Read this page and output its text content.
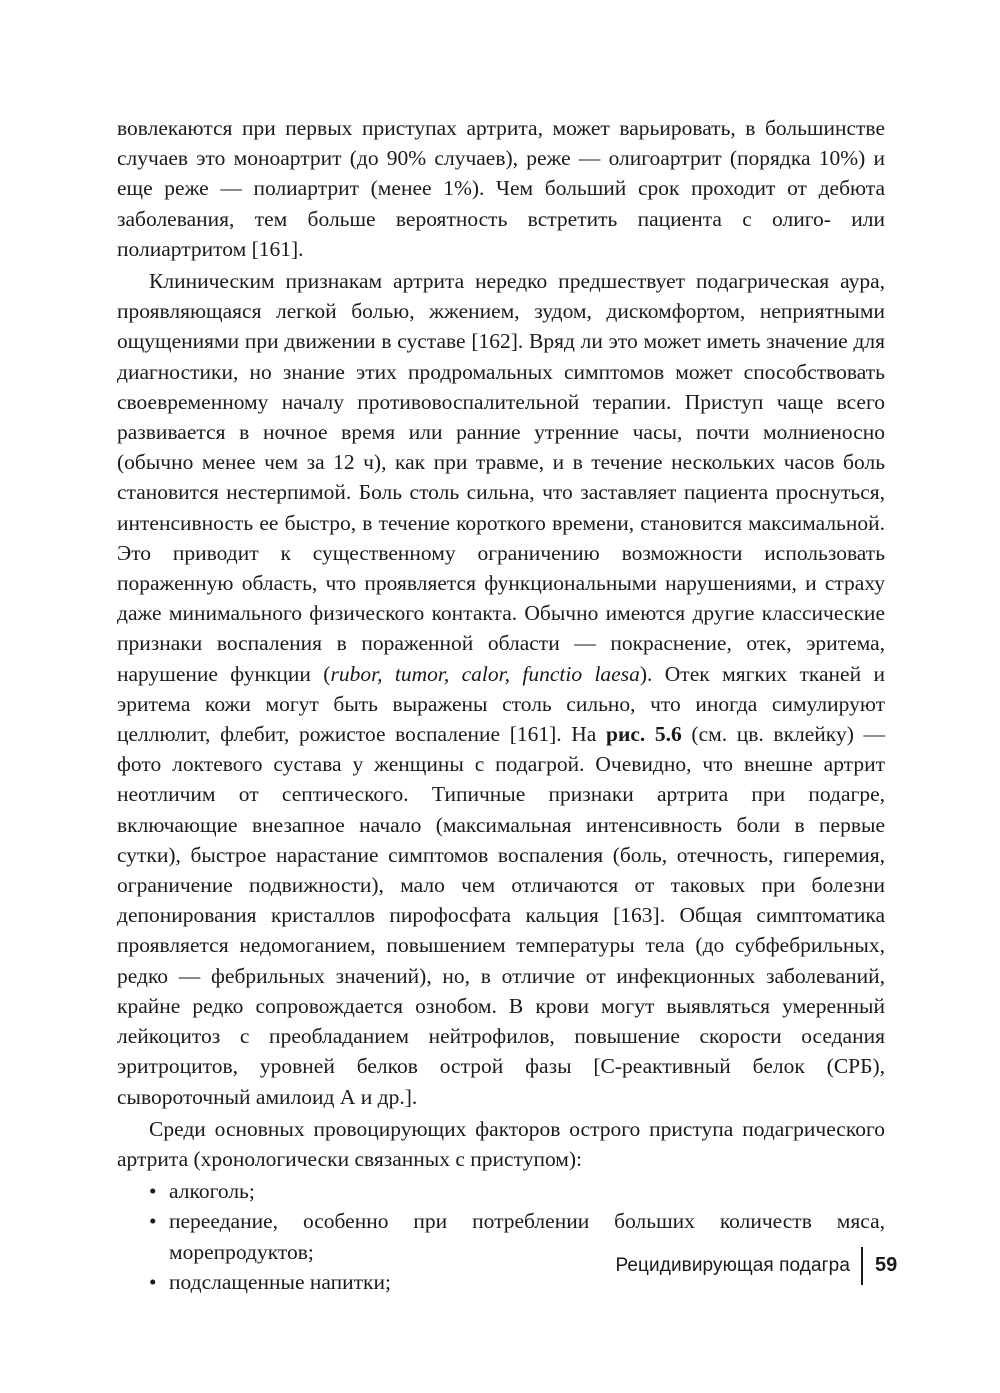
вовлекаются при первых приступах артрита, может варьировать, в большинстве случаев это моноартрит (до 90% случаев), реже — олигоартрит (порядка 10%) и еще реже — полиартрит (менее 1%). Чем больший срок проходит от дебюта заболевания, тем больше вероятность встретить пациента с олиго- или полиартритом [161].

Клиническим признакам артрита нередко предшествует подагрическая аура, проявляющаяся легкой болью, жжением, зудом, дискомфортом, неприятными ощущениями при движении в суставе [162]. Вряд ли это может иметь значение для диагностики, но знание этих продромальных симптомов может способствовать своевременному началу противовоспалительной терапии. Приступ чаще всего развивается в ночное время или ранние утренние часы, почти молниеносно (обычно менее чем за 12 ч), как при травме, и в течение нескольких часов боль становится нестерпимой. Боль столь сильна, что заставляет пациента проснуться, интенсивность ее быстро, в течение короткого времени, становится максимальной. Это приводит к существенному ограничению возможности использовать пораженную область, что проявляется функциональными нарушениями, и страху даже минимального физического контакта. Обычно имеются другие классические признаки воспаления в пораженной области — покраснение, отек, эритема, нарушение функции (rubor, tumor, calor, functio laesa). Отек мягких тканей и эритема кожи могут быть выражены столь сильно, что иногда симулируют целлюлит, флебит, рожистое воспаление [161]. На рис. 5.6 (см. цв. вклейку) — фото локтевого сустава у женщины с подагрой. Очевидно, что внешне артрит неотличим от септического. Типичные признаки артрита при подагре, включающие внезапное начало (максимальная интенсивность боли в первые сутки), быстрое нарастание симптомов воспаления (боль, отечность, гиперемия, ограничение подвижности), мало чем отличаются от таковых при болезни депонирования кристаллов пирофосфата кальция [163]. Общая симптоматика проявляется недомоганием, повышением температуры тела (до субфебрильных, редко — фебрильных значений), но, в отличие от инфекционных заболеваний, крайне редко сопровождается ознобом. В крови могут выявляться умеренный лейкоцитоз с преобладанием нейтрофилов, повышение скорости оседания эритроцитов, уровней белков острой фазы [С-реактивный белок (СРБ), сывороточный амилоид А и др.].

Среди основных провоцирующих факторов острого приступа подагрического артрита (хронологически связанных с приступом):

• алкоголь;
• переедание, особенно при потреблении больших количеств мяса, морепродуктов;
• подслащенные напитки;
Рецидивирующая подагра 59
